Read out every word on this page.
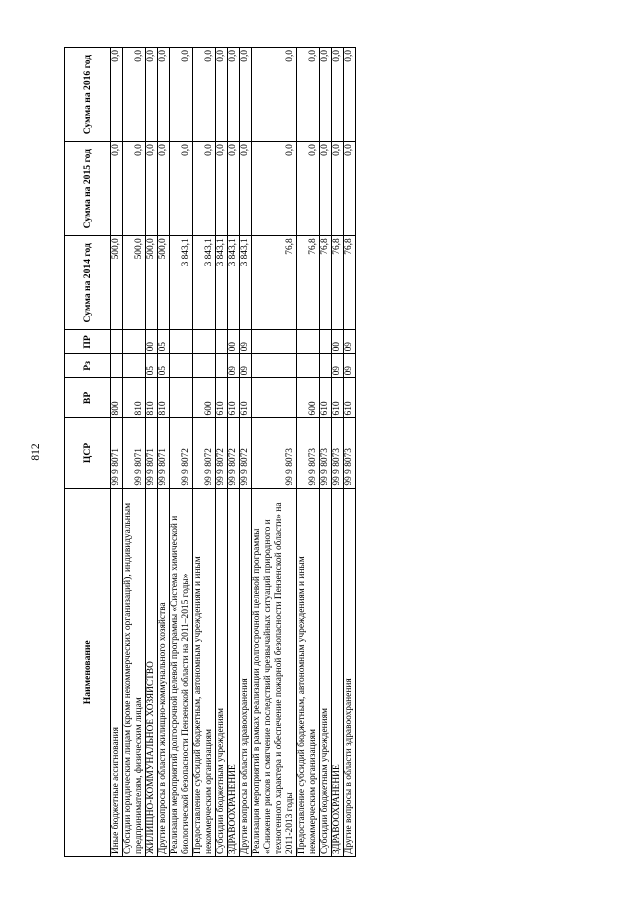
812
Наименование	ЦСР	ВР	Рз	ПР	Сумма на 2014 год	Сумма на 2015 год	Сумма на 2016 год
Иные бюджетные ассигнования	99 9 8071	800			500,0	0,0	0,0
Субсидии юридическим лицам (кроме некоммерческих организаций), индивидуальным предпринимателям, физическим лицам	99 9 8071	810			500,0	0,0	0,0
ЖИЛИЩНО-КОММУНАЛЬНОЕ ХОЗЯЙСТВО	99 9 8071	810	05	00	500,0	0,0	0,0
Другие вопросы в области жилищно-коммунального хозяйства	99 9 8071	810	05	05	500,0	0,0	0,0
Реализация мероприятий долгосрочной целевой программы «Система химической и биологической безопасности Пензенской области на 2011–2015 годы»	99 9 8072				3 843,1	0,0	0,0
Предоставление субсидий бюджетным, автономным учреждениям и иным некоммерческим организациям	99 9 8072	600			3 843,1	0,0	0,0
Субсидии бюджетным учреждениям	99 9 8072	610			3 843,1	0,0	0,0
ЗДРАВООХРАНЕНИЕ	99 9 8072	610	09	00	3 843,1	0,0	0,0
Другие вопросы в области здравоохранения	99 9 8072	610	09	09	3 843,1	0,0	0,0
Реализация мероприятий в рамках реализации долгосрочной целевой программы «Снижение рисков и смягчение последствий чрезвычайных ситуаций природного и техногенного характера и обеспечение пожарной безопасности Пензенской области» на 2011-2013 годы	99 9 8073				76,8	0,0	0,0
Предоставление субсидий бюджетным, автономным учреждениям и иным некоммерческим организациям	99 9 8073	600			76,8	0,0	0,0
Субсидии бюджетным учреждениям	99 9 8073	610			76,8	0,0	0,0
ЗДРАВООХРАНЕНИЕ	99 9 8073	610	09	00	76,8	0,0	0,0
Другие вопросы в области здравоохранения	99 9 8073	610	09	09	76,8	0,0	0,0
